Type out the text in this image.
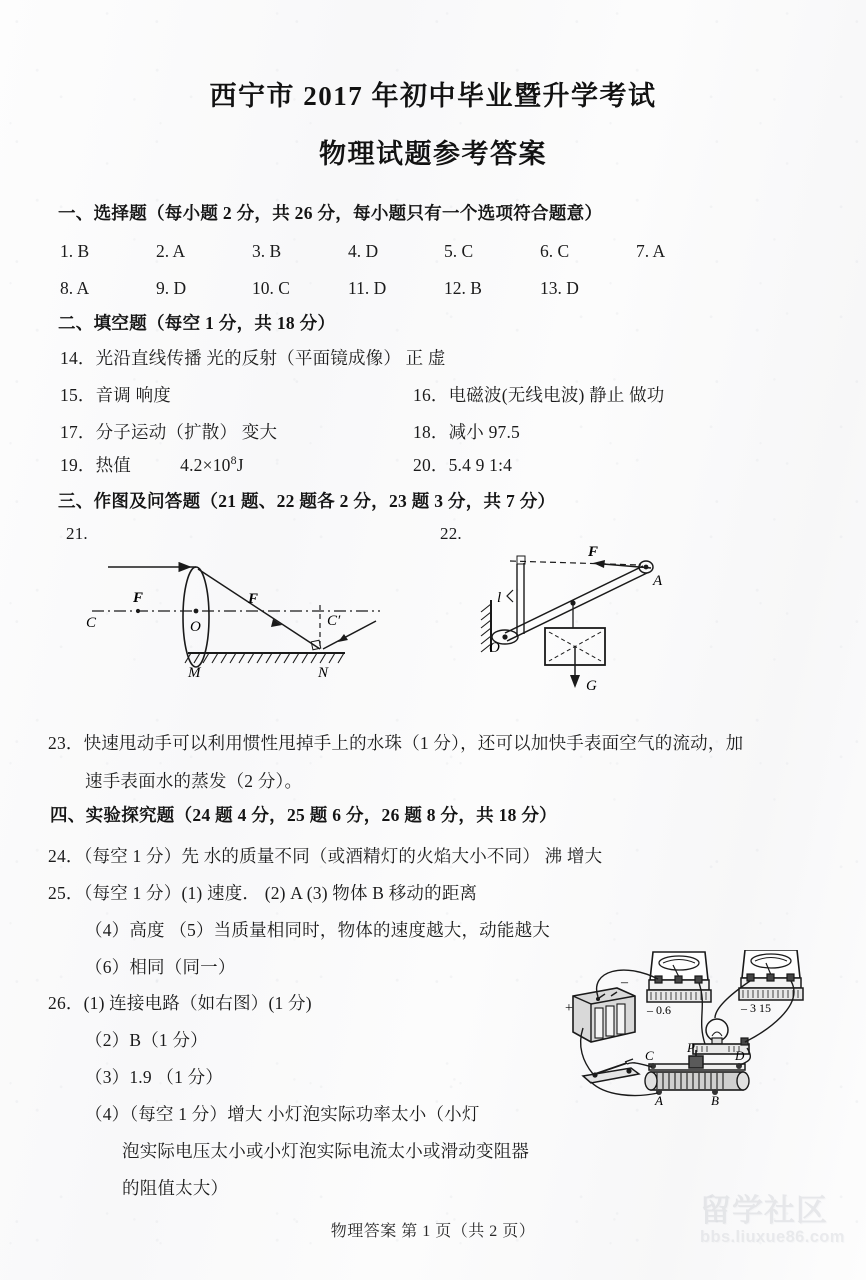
西宁市 2017 年初中毕业暨升学考试
物理试题参考答案
一、选择题（每小题 2 分，共 26 分，每小题只有一个选项符合题意）
1. B	2. A	3. B	4. D	5. C	6. C	7. A
8. A	9. D	10. C	11. D	12. B	13. D
二、填空题（每空 1 分，共 18 分）
14．光沿直线传播 光的反射（平面镜成像） 正 虚
15．音调 响度	16．电磁波(无线电波) 静止 做功
17．分子运动（扩散） 变大	18．减小 97.5
19．热值	$4.2\times 10^8J$	20．5.4 9 1:4
三、作图及问答题（21 题、22 题各 2 分，23 题 3 分，共 7 分）
21.	22.
C	C′
F	F
O
M	N
O
A
F
G
l
23．快速甩动手可以利用惯性甩掉手上的水珠（1 分），还可以加快手表面空气的流动，加
速手表面水的蒸发（2 分）。
四、实验探究题（24 题 4 分，25 题 6 分，26 题 8 分，共 18 分）
24．（每空 1 分）先 水的质量不同（或酒精灯的火焰大小不同） 沸 增大
25．（每空 1 分）(1) 速度． (2) A (3) 物体 B 移动的距离
（4）高度 （5）当质量相同时，物体的速度越大，动能越大
（6）相同（同一）
26．(1) 连接电路（如右图）(1 分)
（2）B（1 分）
（3）1.9 （1 分）
（4）（每空 1 分）增大 小灯泡实际功率太小（小灯
泡实际电压太小或小灯泡实际电流太小或滑动变阻器
的阻值太大）
– 0.6	– 3 15
–
+
C
P
D
A	B
物理答案 第 1 页（共 2 页）
留学社区
bbs.liuxue86.com
